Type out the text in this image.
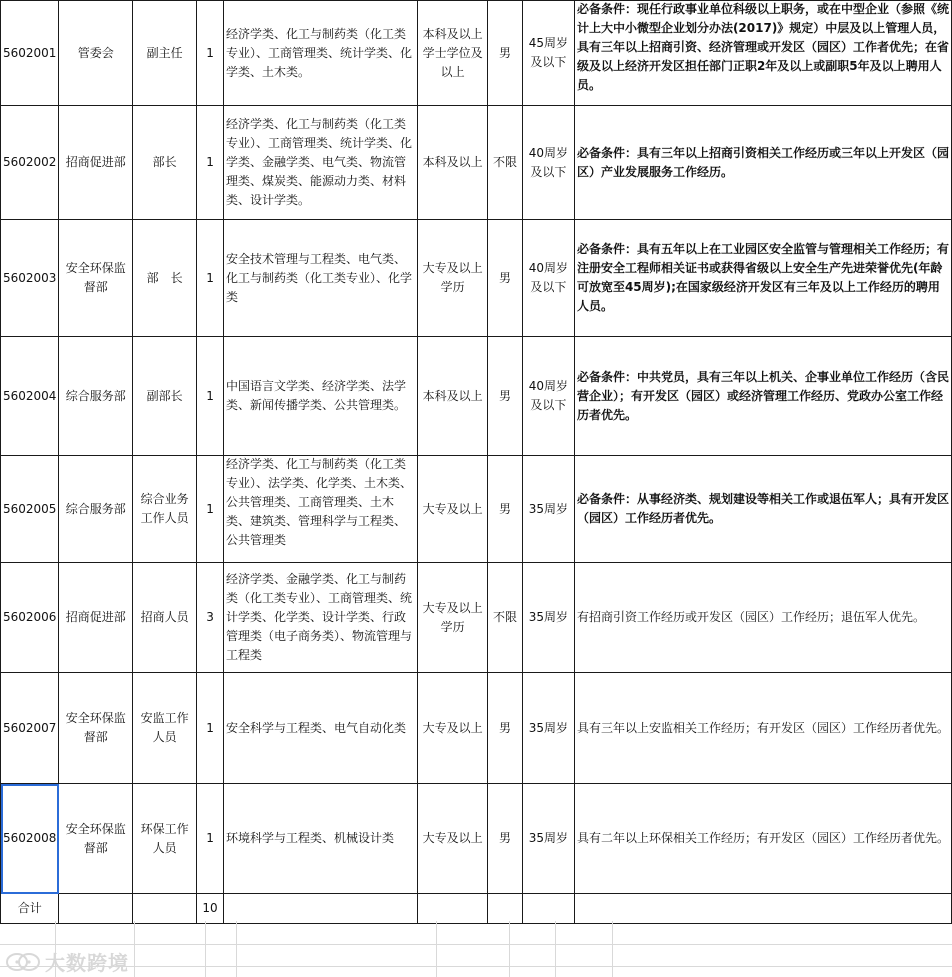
5602001	管委会	副主任	1	经济学类、化工与制药类（化工类专业）、工商管理类、统计学类、化学类、土木类。	本科及以上学士学位及以上	男	45周岁及以下	必备条件：现任行政事业单位科级以上职务，或在中型企业（参照《统计上大中小微型企业划分办法(2017)》规定）中层及以上管理人员，具有三年以上招商引资、经济管理或开发区（园区）工作者优先；在省级及以上经济开发区担任部门正职2年及以上或副职5年及以上聘用人员。

5602002	招商促进部	部长	1	经济学类、化工与制药类（化工类专业）、工商管理类、统计学类、化学类、金融学类、电气类、物流管理类、煤炭类、能源动力类、材料类、设计学类。	本科及以上	不限	40周岁及以下	必备条件：具有三年以上招商引资相关工作经历或三年以上开发区（园区）产业发展服务工作经历。
5602003	安全环保监督部	部　长	1	安全技术管理与工程类、电气类、化工与制药类（化工类专业）、化学类	大专及以上学历	男	40周岁及以下	必备条件：具有五年以上在工业园区安全监管与管理相关工作经历；有注册安全工程师相关证书或获得省级以上安全生产先进荣誉优先(年龄可放宽至45周岁);在国家级经济开发区有三年及以上工作经历的聘用人员。
5602004	综合服务部	副部长	1	中国语言文学类、经济学类、法学类、新闻传播学类、公共管理类。	本科及以上	男	40周岁及以下	必备条件：中共党员，具有三年以上机关、企事业单位工作经历（含民营企业）；有开发区（园区）或经济管理工作经历、党政办公室工作经历者优先。
5602005	综合服务部	综合业务工作人员	1	经济学类、化工与制药类（化工类专业）、法学类、化学类、土木类、公共管理类、工商管理类、土木类、建筑类、管理科学与工程类、公共管理类	大专及以上	男	35周岁	必备条件：从事经济类、规划建设等相关工作或退伍军人；具有开发区（园区）工作经历者优先。
5602006	招商促进部	招商人员	3	经济学类、金融学类、化工与制药类（化工类专业）、工商管理类、统计学类、化学类、设计学类、行政管理类（电子商务类）、物流管理与工程类	大专及以上学历	不限	35周岁	有招商引资工作经历或开发区（园区）工作经历；退伍军人优先。
5602007	安全环保监督部	安监工作人员	1	安全科学与工程类、电气自动化类	大专及以上	男	35周岁	具有三年以上安监相关工作经历；有开发区（园区）工作经历者优先。
5602008	安全环保监督部	环保工作人员	1	环境科学与工程类、机械设计类	大专及以上	男	35周岁	具有二年以上环保相关工作经历；有开发区（园区）工作经历者优先。
合计			10					
大数跨境
